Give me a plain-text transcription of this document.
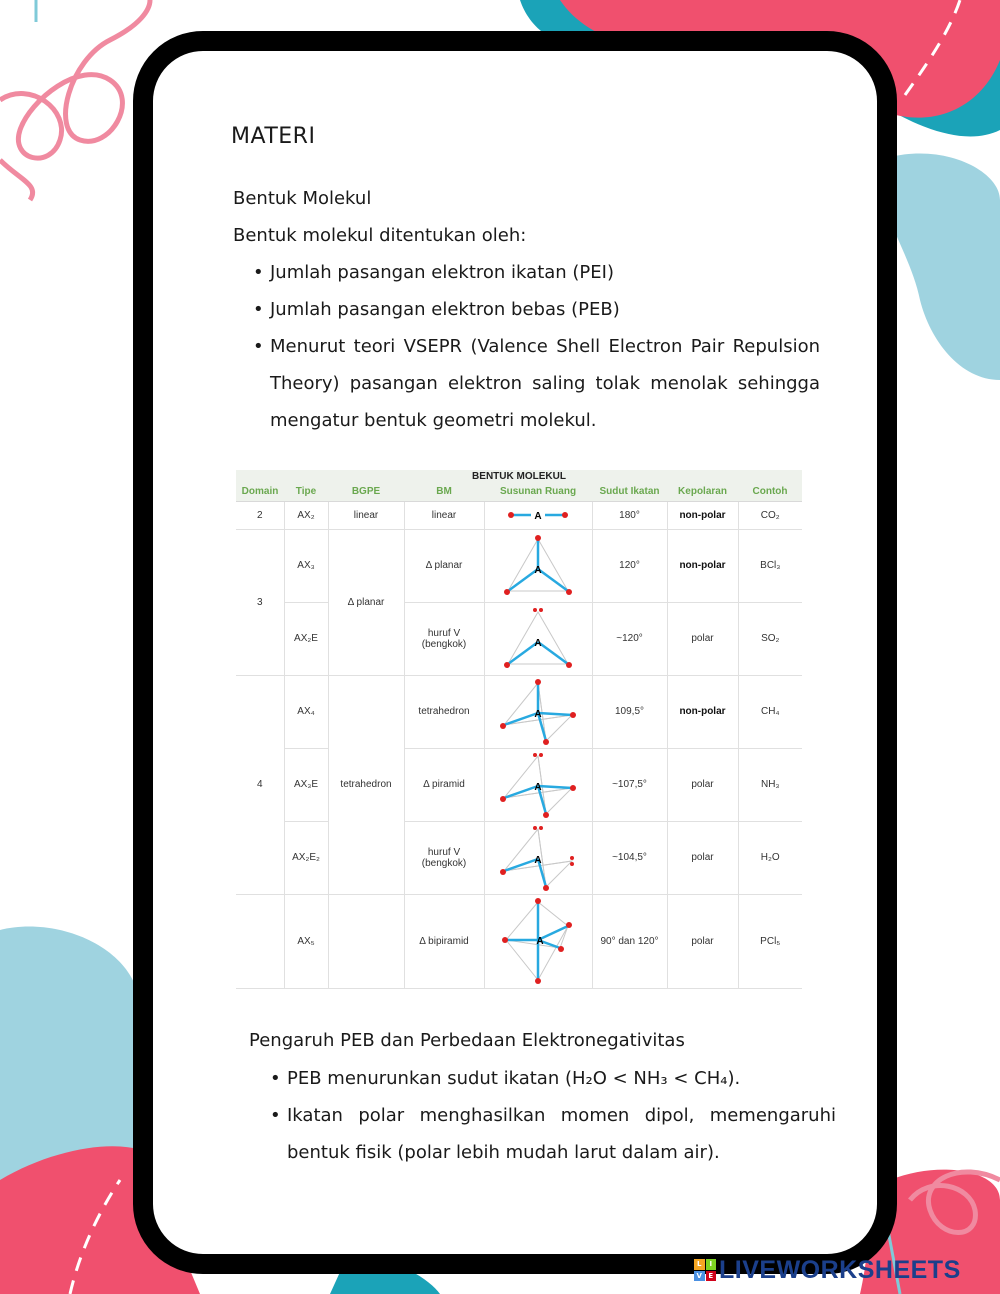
MATERI
Bentuk Molekul
Bentuk molekul ditentukan oleh:
• Jumlah pasangan elektron ikatan (PEI)
• Jumlah pasangan elektron bebas (PEB)
• Menurut teori VSEPR (Valence Shell Electron Pair Repulsion Theory) pasangan elektron saling tolak menolak sehingga mengatur bentuk geometri molekul.
BENTUK MOLEKUL
Domain	Tipe	BGPE	BM	Susunan Ruang	Sudut Ikatan	Kepolaran	Contoh
2	AX₂	linear	linear	A	180°	non-polar	CO₂
3	AX₃	Δ planar	Δ planar	A	120°	non-polar	BCl₃
	AX₂E		huruf V (bengkok)	A	~120°	polar	SO₂
4	AX₄	tetrahedron	tetrahedron	A	109,5°	non-polar	CH₄
	AX₃E		Δ piramid	A	~107,5°	polar	NH₃
	AX₂E₂		huruf V (bengkok)	A	~104,5°	polar	H₂O
	AX₅		Δ bipiramid	A	90° dan 120°	polar	PCl₅
Pengaruh PEB dan Perbedaan Elektronegativitas
• PEB menurunkan sudut ikatan (H₂O < NH₃ < CH₄).
• Ikatan polar menghasilkan momen dipol, memengaruhi bentuk fisik (polar lebih mudah larut dalam air).
L	I
V E LIVEWORKSHEETS
